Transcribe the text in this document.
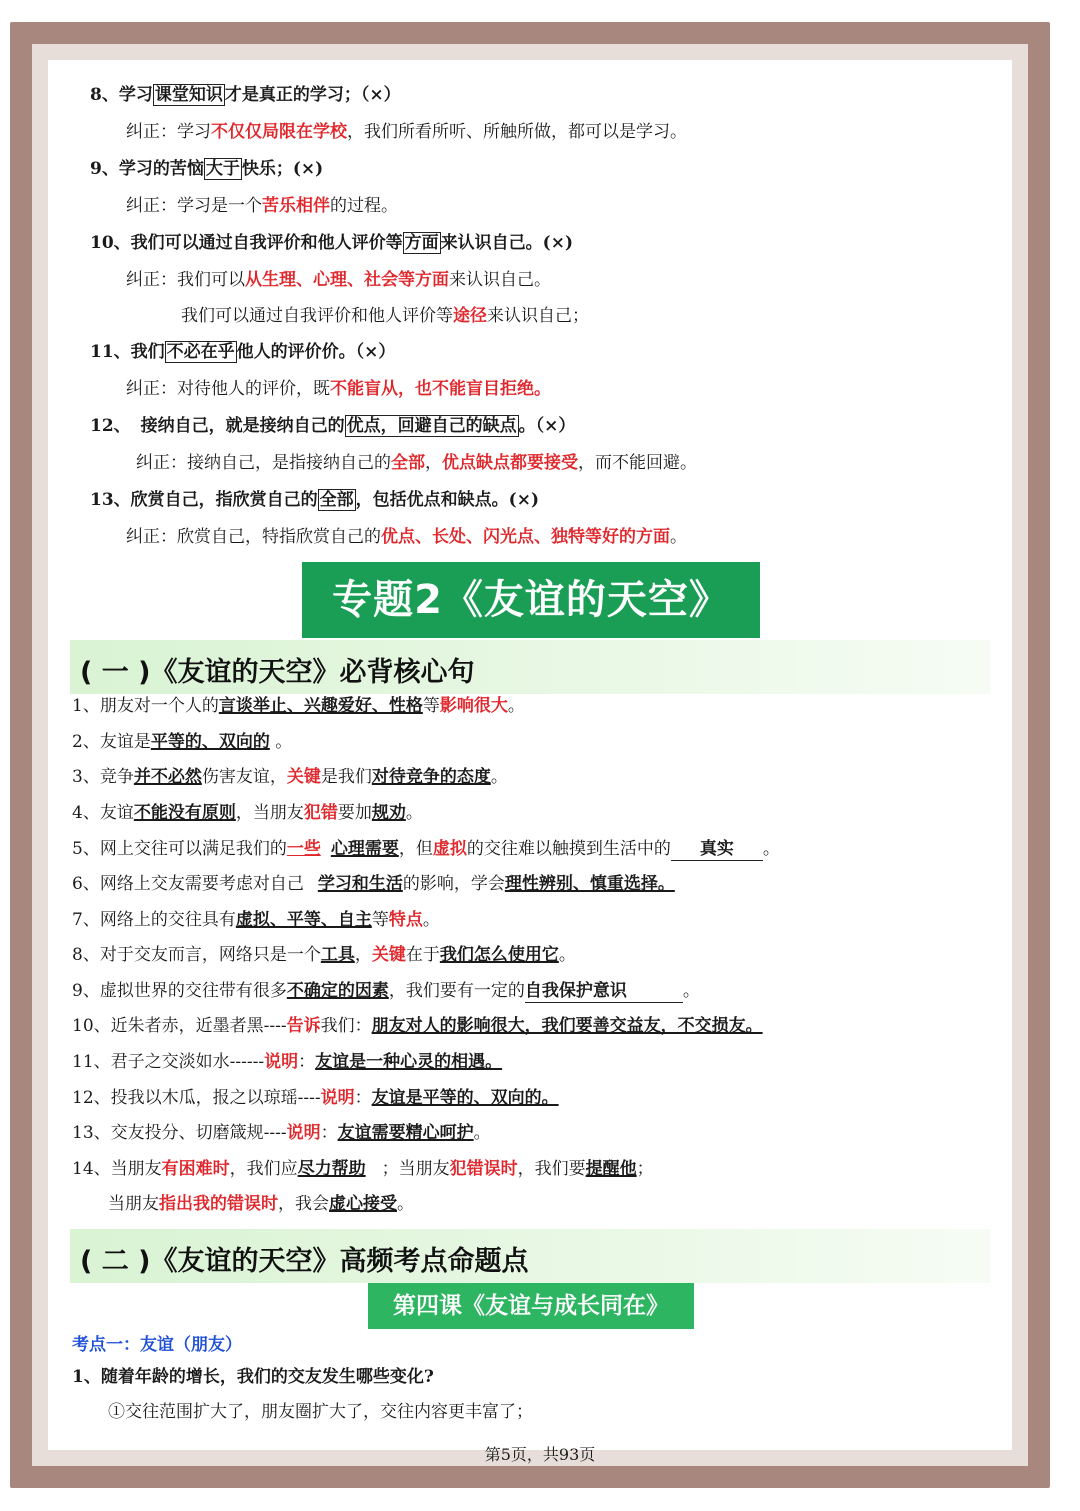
8、学习 课堂知识 才是真正的学习；（×）
纠正：学习不仅仅局限在学校，我们所看所听、所触所做，都可以是学习。
9、学习的苦恼 大于 快乐；(×)
纠正：学习是一个苦乐相伴的过程。
10、我们可以通过自我评价和他人评价等 方面 来认识自己。(×)
纠正：我们可以从生理、心理、社会等方面来认识自己。
我们可以通过自我评价和他人评价等途径来认识自己；
11、我们 不必在乎 他人的评价价。（×）
纠正：对待他人的评价，既不能盲从，也不能盲目拒绝。
12、 接纳自己，就是接纳自己的 优点，回避自己的缺点 。（×）
纠正：接纳自己，是指接纳自己的全部，优点缺点都要接受，而不能回避。
13、欣赏自己，指欣赏自己的 全部 ，包括优点和缺点。(×)
纠正：欣赏自己，特指欣赏自己的优点、长处、闪光点、独特等好的方面。
专题2《友谊的天空》
( 一 )《友谊的天空》必背核心句
1、朋友对一个人的言谈举止、兴趣爱好、性格等影响很大。
2、友谊是平等的、双向的 。
3、竞争并不必然伤害友谊，关键是我们对待竞争的态度。
4、友谊不能没有原则，当朋友犯错要加规劝。
5、网上交往可以满足我们的一些 心理需要，但虚拟的交往难以触摸到生活中的 真实 。
6、网络上交友需要考虑对自己 学习和生活的影响，学会理性辨别、慎重选择。
7、网络上的交往具有虚拟、平等、自主等特点。
8、对于交友而言，网络只是一个工具，关键在于我们怎么使用它。
9、虚拟世界的交往带有很多不确定的因素，我们要有一定的自我保护意识	。
10、近朱者赤，近墨者黑----告诉我们：朋友对人的影响很大，我们要善交益友，不交损友。
11、君子之交淡如水------说明：友谊是一种心灵的相遇。
12、投我以木瓜，报之以琼瑶----说明：友谊是平等的、双向的。
13、交友投分、切磨箴规----说明：友谊需要精心呵护。
14、当朋友有困难时，我们应尽力帮助 ；当朋友犯错误时，我们要提醒他；
当朋友指出我的错误时，我会虚心接受。
( 二 )《友谊的天空》高频考点命题点
第四课《友谊与成长同在》
考点一：友谊（朋友）
1、随着年龄的增长，我们的交友发生哪些变化?
①交往范围扩大了，朋友圈扩大了，交往内容更丰富了；
第5页，共93页
